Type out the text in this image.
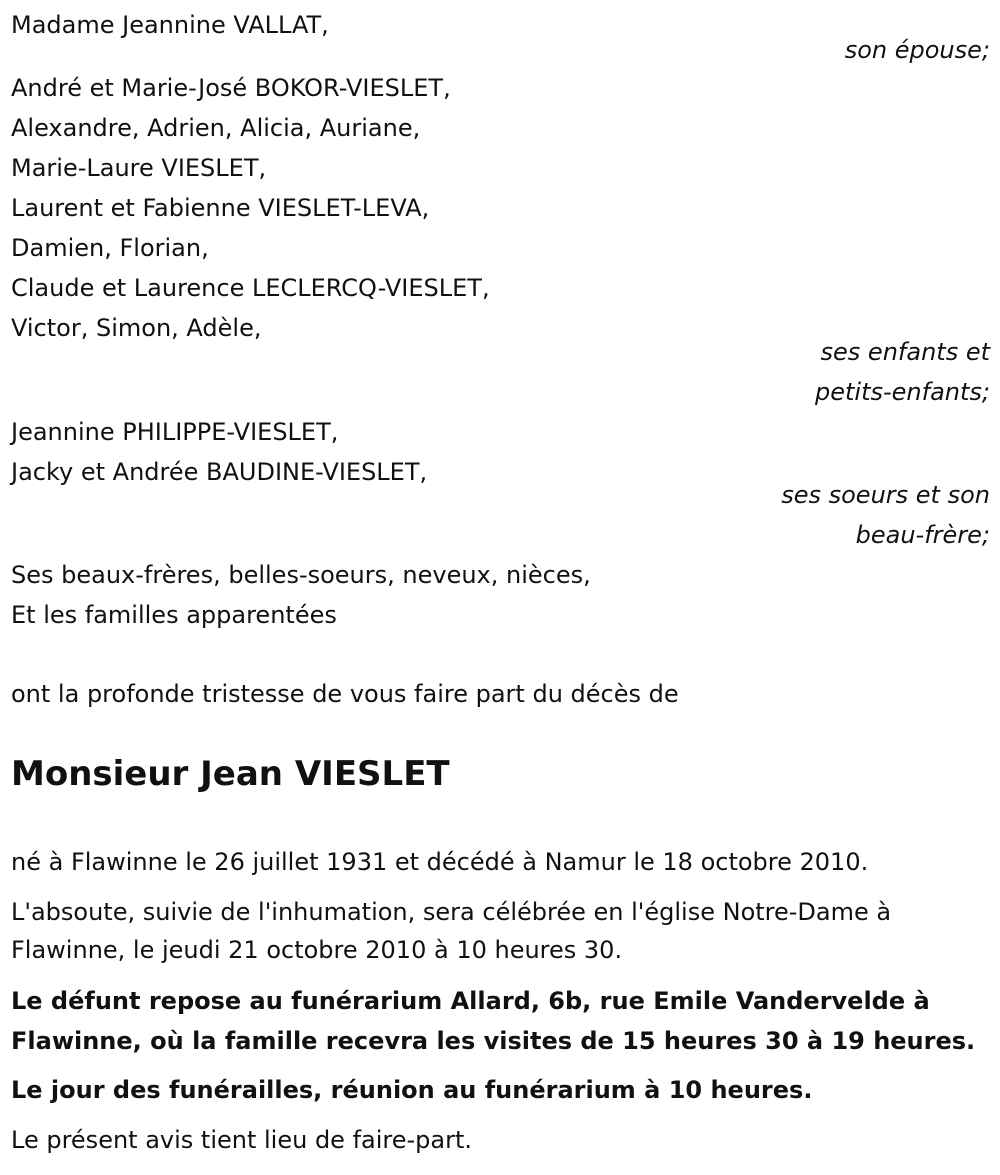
Madame Jeannine VALLAT,
son épouse;
André et Marie-José BOKOR-VIESLET,
Alexandre, Adrien, Alicia, Auriane,
Marie-Laure VIESLET,
Laurent et Fabienne VIESLET-LEVA,
Damien, Florian,
Claude et Laurence LECLERCQ-VIESLET,
Victor, Simon, Adèle,
ses enfants et
petits-enfants;
Jeannine PHILIPPE-VIESLET,
Jacky et Andrée BAUDINE-VIESLET,
ses soeurs et son
beau-frère;
Ses beaux-frères, belles-soeurs, neveux, nièces,
Et les familles apparentées
ont la profonde tristesse de vous faire part du décès de
Monsieur Jean VIESLET
né à Flawinne le 26 juillet 1931 et décédé à Namur le 18 octobre 2010.
L'absoute, suivie de l'inhumation, sera célébrée en l'église Notre-Dame à
Flawinne, le jeudi 21 octobre 2010 à 10 heures 30.
Le défunt repose au funérarium Allard, 6b, rue Emile Vandervelde à
Flawinne, où la famille recevra les visites de 15 heures 30 à 19 heures.
Le jour des funérailles, réunion au funérarium à 10 heures.
Le présent avis tient lieu de faire-part.
